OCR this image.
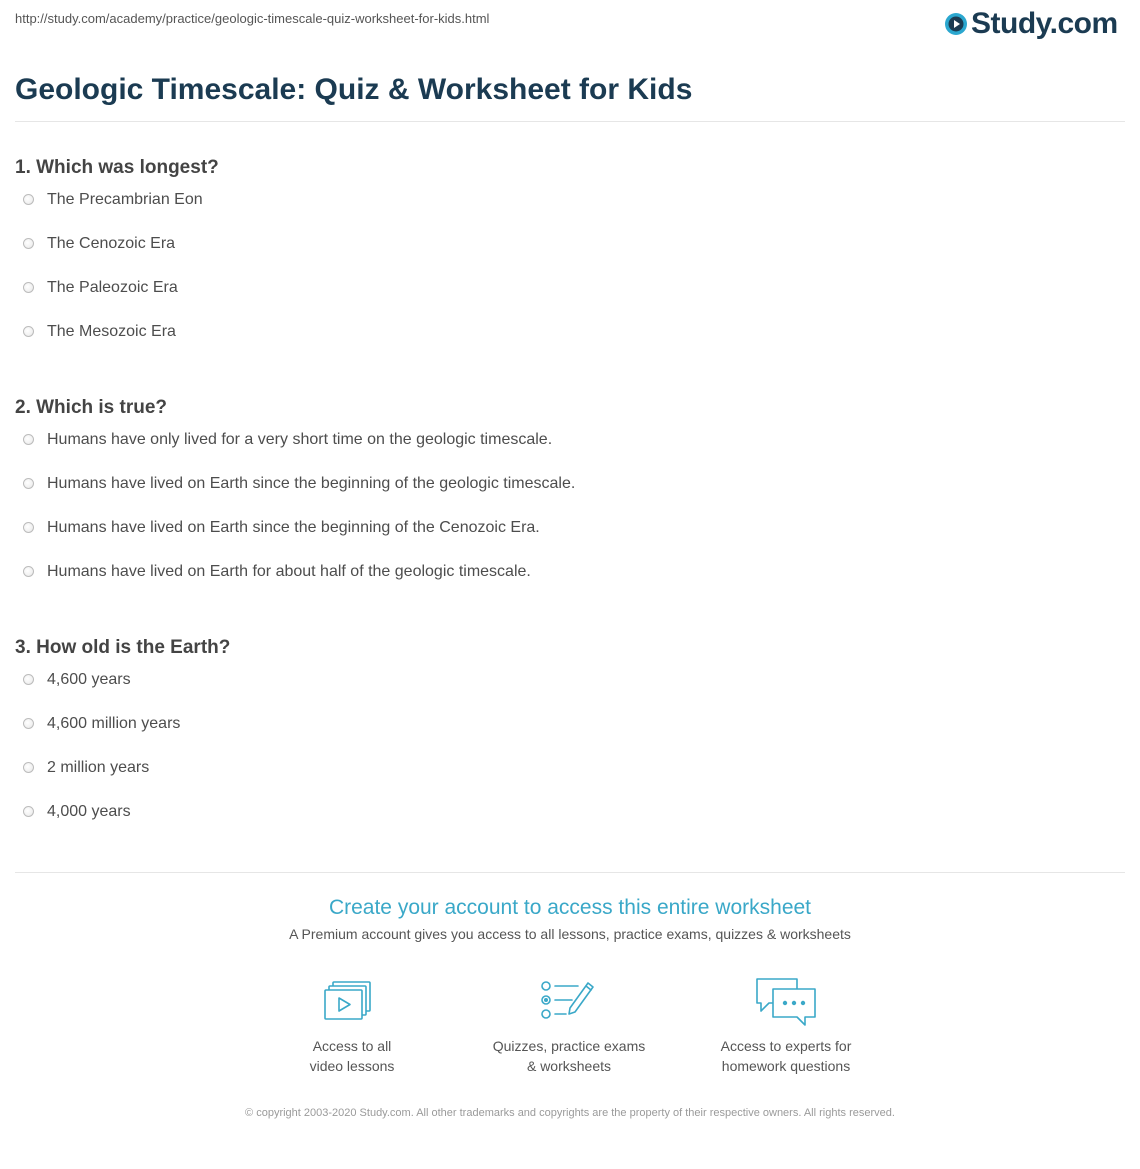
http://study.com/academy/practice/geologic-timescale-quiz-worksheet-for-kids.html	Study.com
Geologic Timescale: Quiz & Worksheet for Kids
1. Which was longest?
The Precambrian Eon
The Cenozoic Era
The Paleozoic Era
The Mesozoic Era
2. Which is true?
Humans have only lived for a very short time on the geologic timescale.
Humans have lived on Earth since the beginning of the geologic timescale.
Humans have lived on Earth since the beginning of the Cenozoic Era.
Humans have lived on Earth for about half of the geologic timescale.
3. How old is the Earth?
4,600 years
4,600 million years
2 million years
4,000 years
Create your account to access this entire worksheet

A Premium account gives you access to all lessons, practice exams, quizzes & worksheets

Access to all
video lessons
Quizzes, practice exams
& worksheets
Access to experts for
homework questions
© copyright 2003-2020 Study.com. All other trademarks and copyrights are the property of their respective owners. All rights reserved.
